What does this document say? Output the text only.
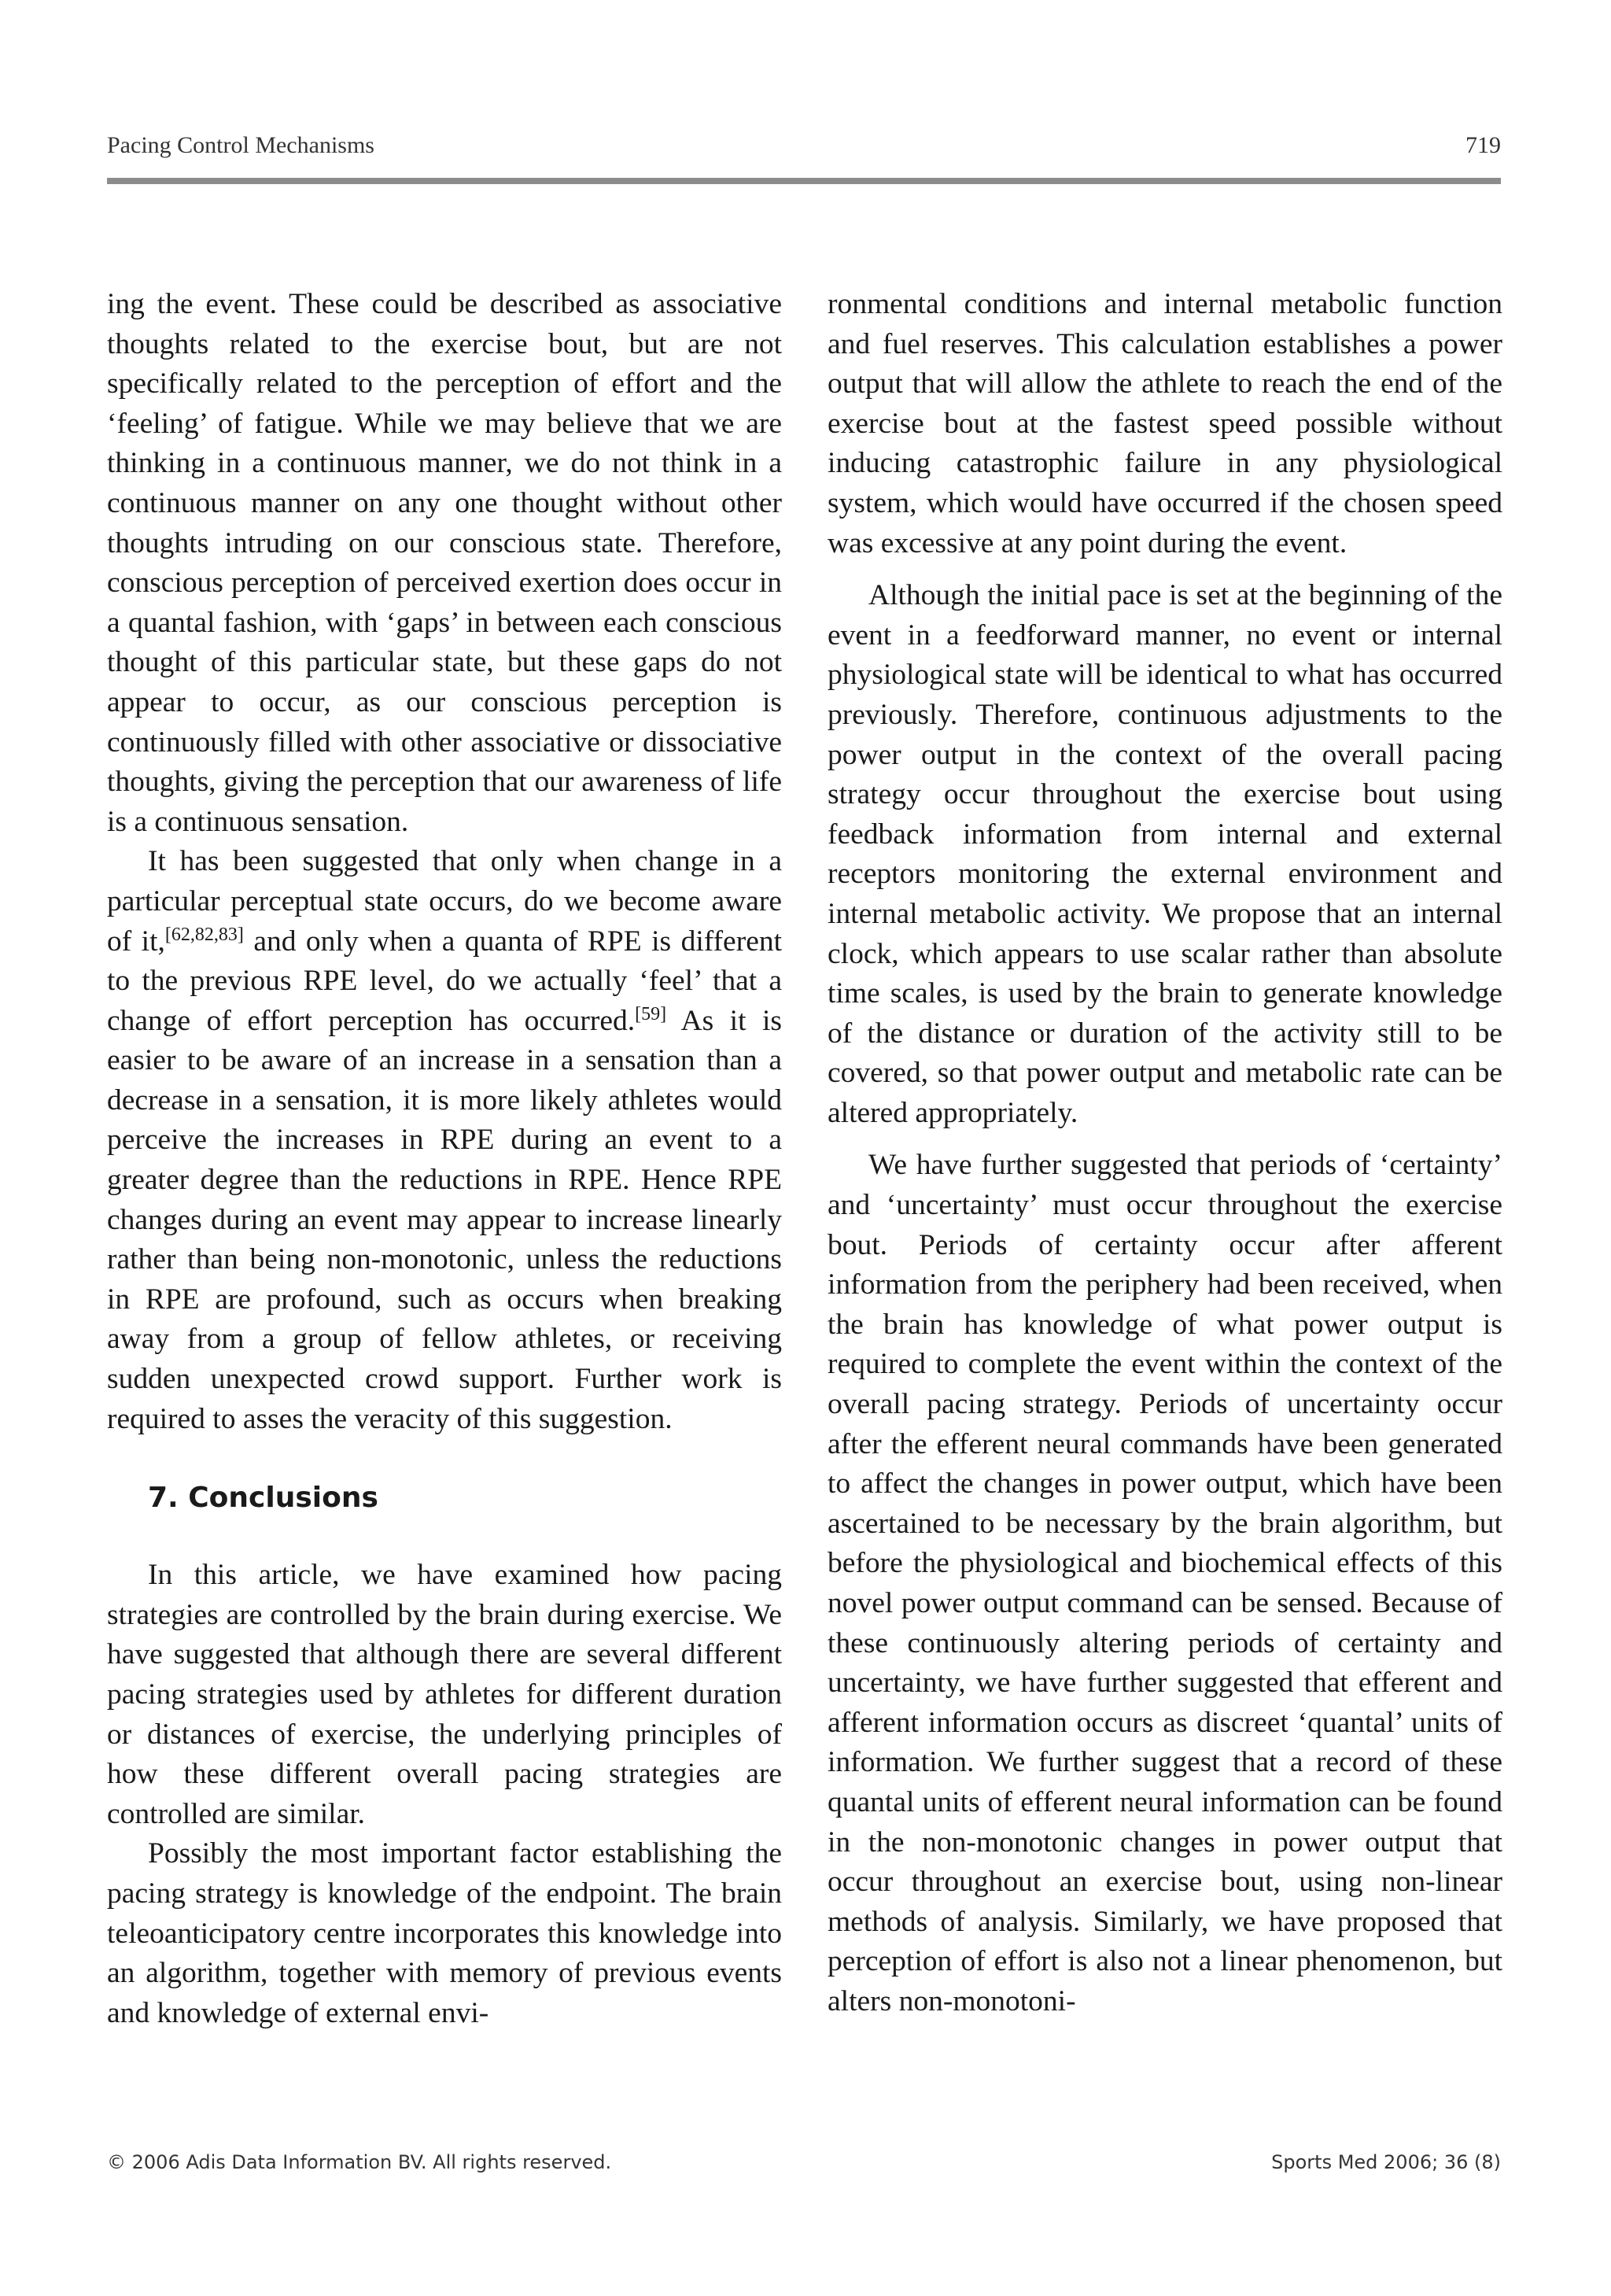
Pacing Control Mechanisms	719

ing the event. These could be described as associative thoughts related to the exercise bout, but are not specifically related to the perception of effort and the ‘feeling’ of fatigue. While we may believe that we are thinking in a continuous manner, we do not think in a continuous manner on any one thought without other thoughts intruding on our conscious state. Therefore, conscious perception of perceived exertion does occur in a quantal fashion, with ‘gaps’ in between each conscious thought of this particular state, but these gaps do not appear to occur, as our conscious perception is continuously filled with other associative or dissociative thoughts, giving the perception that our awareness of life is a continuous sensation.

It has been suggested that only when change in a particular perceptual state occurs, do we become aware of it,[62,82,83] and only when a quanta of RPE is different to the previous RPE level, do we actually ‘feel’ that a change of effort perception has occurred.[59] As it is easier to be aware of an increase in a sensation than a decrease in a sensation, it is more likely athletes would perceive the increases in RPE during an event to a greater degree than the reductions in RPE. Hence RPE changes during an event may appear to increase linearly rather than being non-monotonic, unless the reductions in RPE are profound, such as occurs when breaking away from a group of fellow athletes, or receiving sudden unexpected crowd support. Further work is required to asses the veracity of this suggestion.

7. Conclusions

In this article, we have examined how pacing strategies are controlled by the brain during exercise. We have suggested that although there are several different pacing strategies used by athletes for different duration or distances of exercise, the underlying principles of how these different overall pacing strategies are controlled are similar.

Possibly the most important factor establishing the pacing strategy is knowledge of the endpoint. The brain teleoanticipatory centre incorporates this knowledge into an algorithm, together with memory of previous events and knowledge of external envi-

ronmental conditions and internal metabolic function and fuel reserves. This calculation establishes a power output that will allow the athlete to reach the end of the exercise bout at the fastest speed possible without inducing catastrophic failure in any physiological system, which would have occurred if the chosen speed was excessive at any point during the event.

Although the initial pace is set at the beginning of the event in a feedforward manner, no event or internal physiological state will be identical to what has occurred previously. Therefore, continuous adjustments to the power output in the context of the overall pacing strategy occur throughout the exercise bout using feedback information from internal and external receptors monitoring the external environment and internal metabolic activity. We propose that an internal clock, which appears to use scalar rather than absolute time scales, is used by the brain to generate knowledge of the distance or duration of the activity still to be covered, so that power output and metabolic rate can be altered appropriately.

We have further suggested that periods of ‘certainty’ and ‘uncertainty’ must occur throughout the exercise bout. Periods of certainty occur after afferent information from the periphery had been received, when the brain has knowledge of what power output is required to complete the event within the context of the overall pacing strategy. Periods of uncertainty occur after the efferent neural commands have been generated to affect the changes in power output, which have been ascertained to be necessary by the brain algorithm, but before the physiological and biochemical effects of this novel power output command can be sensed. Because of these continuously altering periods of certainty and uncertainty, we have further suggested that efferent and afferent information occurs as discreet ‘quantal’ units of information. We further suggest that a record of these quantal units of efferent neural information can be found in the non-monotonic changes in power output that occur throughout an exercise bout, using non-linear methods of analysis. Similarly, we have proposed that perception of effort is also not a linear phenomenon, but alters non-monotoni-

© 2006 Adis Data Information BV. All rights reserved.	Sports Med 2006; 36 (8)
